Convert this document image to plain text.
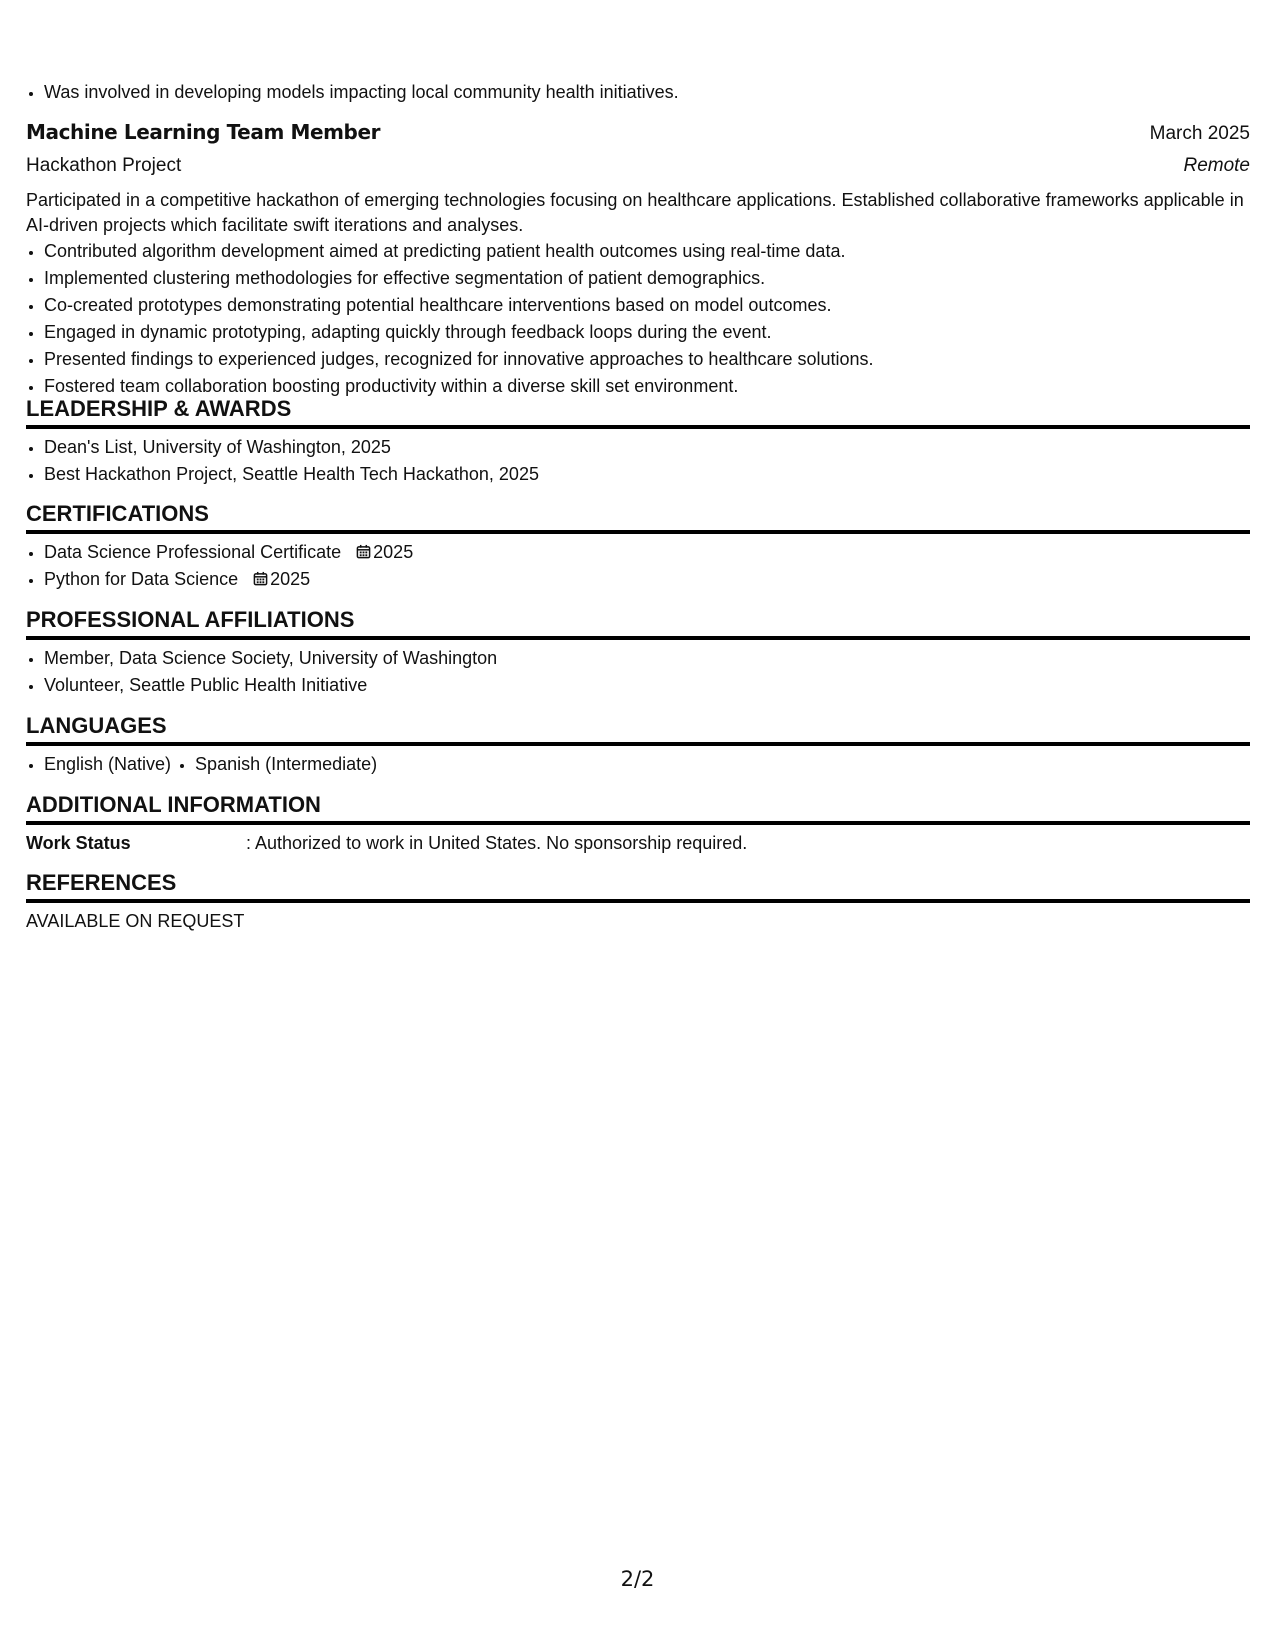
• Was involved in developing models impacting local community health initiatives.
Machine Learning Team Member	March 2025
Hackathon Project	Remote

Participated in a competitive hackathon of emerging technologies focusing on healthcare applications. Established collaborative frameworks applicable in AI-driven projects which facilitate swift iterations and analyses.

• Contributed algorithm development aimed at predicting patient health outcomes using real-time data.
• Implemented clustering methodologies for effective segmentation of patient demographics.
• Co-created prototypes demonstrating potential healthcare interventions based on model outcomes.
• Engaged in dynamic prototyping, adapting quickly through feedback loops during the event.
• Presented findings to experienced judges, recognized for innovative approaches to healthcare solutions.
• Fostered team collaboration boosting productivity within a diverse skill set environment.
LEADERSHIP & AWARDS
• Dean's List, University of Washington, 2025
• Best Hackathon Project, Seattle Health Tech Hackathon, 2025
CERTIFICATIONS
• Data Science Professional Certificate 2025
• Python for Data Science 2025
PROFESSIONAL AFFILIATIONS
• Member, Data Science Society, University of Washington
• Volunteer, Seattle Public Health Initiative
LANGUAGES
• English (Native)
• Spanish (Intermediate)
ADDITIONAL INFORMATION
Work Status	: Authorized to work in United States. No sponsorship required.
REFERENCES
AVAILABLE ON REQUEST
2/2
